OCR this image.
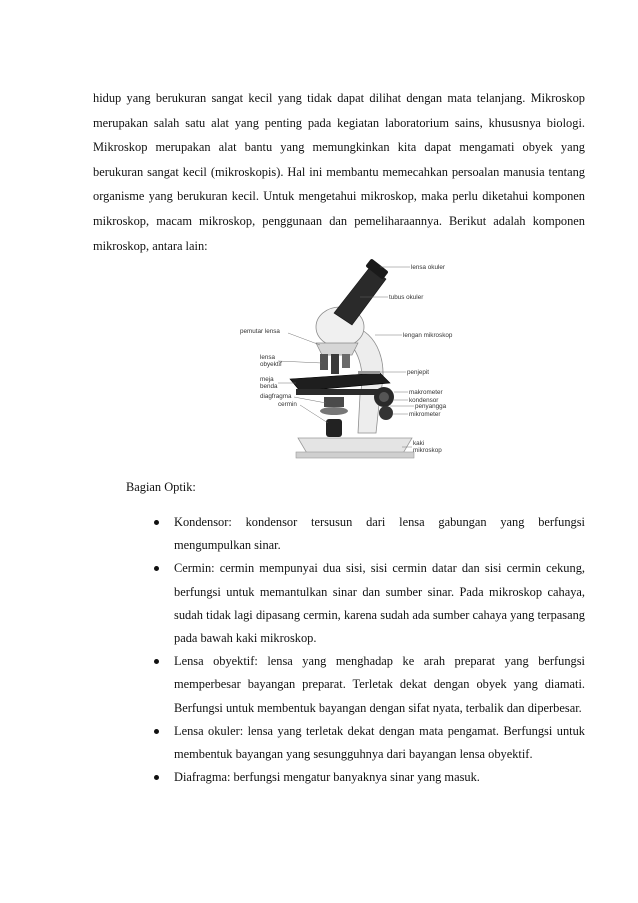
hidup yang berukuran sangat kecil yang tidak dapat dilihat dengan mata telanjang. Mikroskop merupakan salah satu alat yang penting pada kegiatan laboratorium sains, khususnya biologi. Mikroskop merupakan alat bantu yang memungkinkan kita dapat mengamati obyek yang berukuran sangat kecil (mikroskopis). Hal ini membantu memecahkan persoalan manusia tentang organisme yang berukuran kecil. Untuk mengetahui mikroskop, maka perlu diketahui komponen mikroskop, macam mikroskop, penggunaan dan pemeliharaannya. Berikut adalah komponen mikroskop, antara lain:

lensa okuler
tubus okuler
pemutar lensa
lengan mikroskop
lensa
obyektif
penjepit
meja
benda
makrometer
diagfragma
kondensor
cermin	penyangga
mikrometer
kaki
mikroskop

Bagian Optik:

Kondensor: kondensor tersusun dari lensa gabungan yang berfungsi mengumpulkan sinar.
Cermin: cermin mempunyai dua sisi, sisi cermin datar dan sisi cermin cekung, berfungsi untuk memantulkan sinar dan sumber sinar. Pada mikroskop cahaya, sudah tidak lagi dipasang cermin, karena sudah ada sumber cahaya yang terpasang pada bawah kaki mikroskop.
Lensa obyektif: lensa yang menghadap ke arah preparat yang berfungsi memperbesar bayangan preparat. Terletak dekat dengan obyek yang diamati. Berfungsi untuk membentuk bayangan dengan sifat nyata, terbalik dan diperbesar.
Lensa okuler: lensa yang terletak dekat dengan mata pengamat. Berfungsi untuk membentuk bayangan yang sesungguhnya dari bayangan lensa obyektif.
Diafragma: berfungsi mengatur banyaknya sinar yang masuk.
